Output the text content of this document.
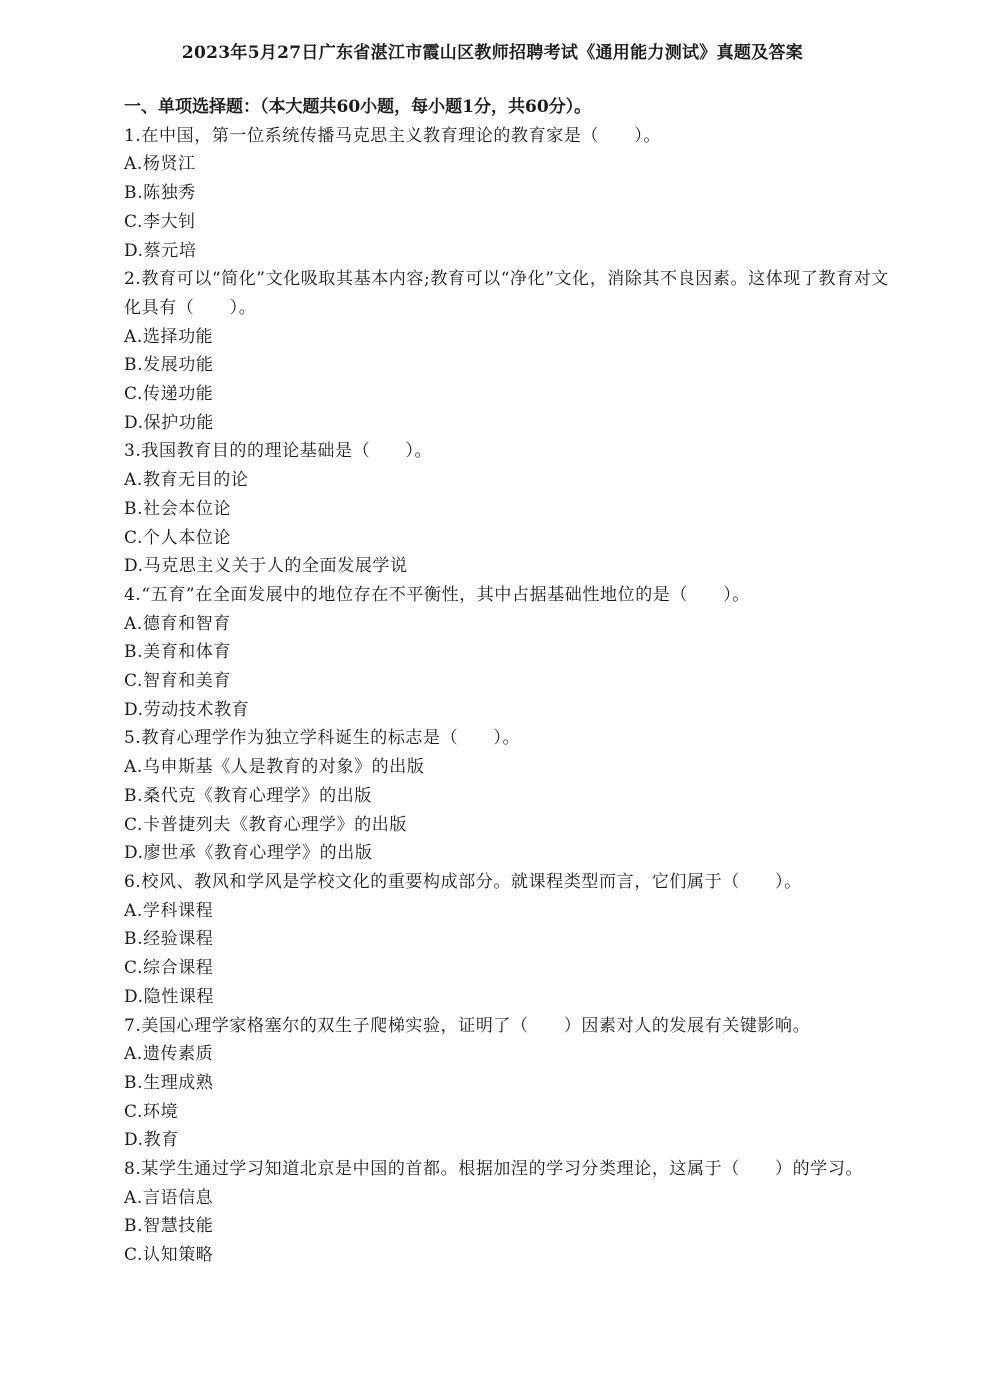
2023年5月27日广东省湛江市霞山区教师招聘考试《通用能力测试》真题及答案

一、单项选择题：（本大题共60小题，每小题1分，共60分）。

1.在中国，第一位系统传播马克思主义教育理论的教育家是（　　）。

A.杨贤江

B.陈独秀

C.李大钊

D.蔡元培

2.教育可以“简化”文化吸取其基本内容;教育可以“净化”文化，消除其不良因素。这体现了教育对文化具有（　　）。

A.选择功能

B.发展功能

C.传递功能

D.保护功能

3.我国教育目的的理论基础是（　　）。

A.教育无目的论

B.社会本位论

C.个人本位论

D.马克思主义关于人的全面发展学说

4.“五育”在全面发展中的地位存在不平衡性，其中占据基础性地位的是（　　）。

A.德育和智育

B.美育和体育

C.智育和美育

D.劳动技术教育

5.教育心理学作为独立学科诞生的标志是（　　）。

A.乌申斯基《人是教育的对象》的出版

B.桑代克《教育心理学》的出版

C.卡普捷列夫《教育心理学》的出版

D.廖世承《教育心理学》的出版

6.校风、教风和学风是学校文化的重要构成部分。就课程类型而言，它们属于（　　）。

A.学科课程

B.经验课程

C.综合课程

D.隐性课程

7.美国心理学家格塞尔的双生子爬梯实验，证明了（　　）因素对人的发展有关键影响。

A.遗传素质

B.生理成熟

C.环境

D.教育

8.某学生通过学习知道北京是中国的首都。根据加涅的学习分类理论，这属于（　　）的学习。

A.言语信息

B.智慧技能

C.认知策略
